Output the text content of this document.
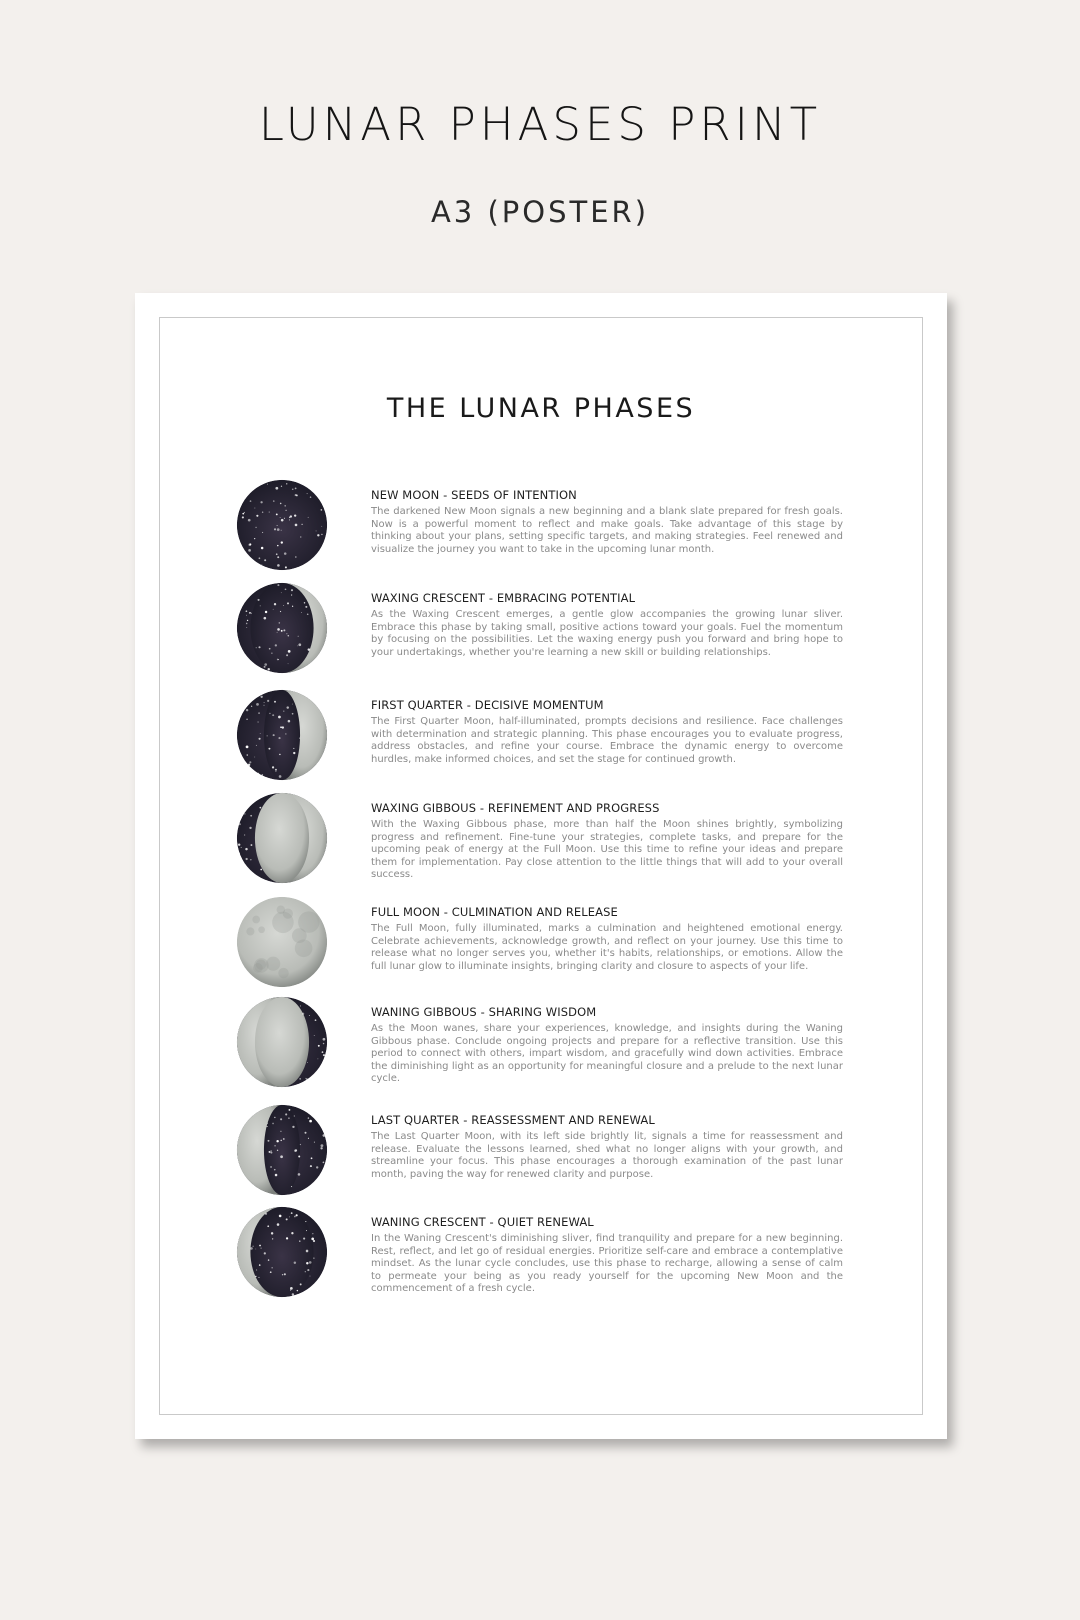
LUNAR PHASES PRINT
A3 (POSTER)
THE LUNAR PHASES
NEW MOON - SEEDS OF INTENTION
The darkened New Moon signals a new beginning and a blank slate prepared for fresh goals. Now is a powerful moment to reflect and make goals. Take advantage of this stage by thinking about your plans, setting specific targets, and making strategies. Feel renewed and visualize the journey you want to take in the upcoming lunar month.
WAXING CRESCENT - EMBRACING POTENTIAL
As the Waxing Crescent emerges, a gentle glow accompanies the growing lunar sliver. Embrace this phase by taking small, positive actions toward your goals. Fuel the momentum by focusing on the possibilities. Let the waxing energy push you forward and bring hope to your undertakings, whether you're learning a new skill or building relationships.
FIRST QUARTER - DECISIVE MOMENTUM
The First Quarter Moon, half-illuminated, prompts decisions and resilience. Face challenges with determination and strategic planning. This phase encourages you to evaluate progress, address obstacles, and refine your course. Embrace the dynamic energy to overcome hurdles, make informed choices, and set the stage for continued growth.
WAXING GIBBOUS - REFINEMENT AND PROGRESS
With the Waxing Gibbous phase, more than half the Moon shines brightly, symbolizing progress and refinement. Fine-tune your strategies, complete tasks, and prepare for the upcoming peak of energy at the Full Moon. Use this time to refine your ideas and prepare them for implementation. Pay close attention to the little things that will add to your overall success.
FULL MOON - CULMINATION AND RELEASE
The Full Moon, fully illuminated, marks a culmination and heightened emotional energy. Celebrate achievements, acknowledge growth, and reflect on your journey. Use this time to release what no longer serves you, whether it's habits, relationships, or emotions. Allow the full lunar glow to illuminate insights, bringing clarity and closure to aspects of your life.
WANING GIBBOUS - SHARING WISDOM
As the Moon wanes, share your experiences, knowledge, and insights during the Waning Gibbous phase. Conclude ongoing projects and prepare for a reflective transition. Use this period to connect with others, impart wisdom, and gracefully wind down activities. Embrace the diminishing light as an opportunity for meaningful closure and a prelude to the next lunar cycle.
LAST QUARTER - REASSESSMENT AND RENEWAL
The Last Quarter Moon, with its left side brightly lit, signals a time for reassessment and release. Evaluate the lessons learned, shed what no longer aligns with your growth, and streamline your focus. This phase encourages a thorough examination of the past lunar month, paving the way for renewed clarity and purpose.
WANING CRESCENT - QUIET RENEWAL
In the Waning Crescent's diminishing sliver, find tranquility and prepare for a new beginning. Rest, reflect, and let go of residual energies. Prioritize self-care and embrace a contemplative mindset. As the lunar cycle concludes, use this phase to recharge, allowing a sense of calm to permeate your being as you ready yourself for the upcoming New Moon and the commencement of a fresh cycle.
